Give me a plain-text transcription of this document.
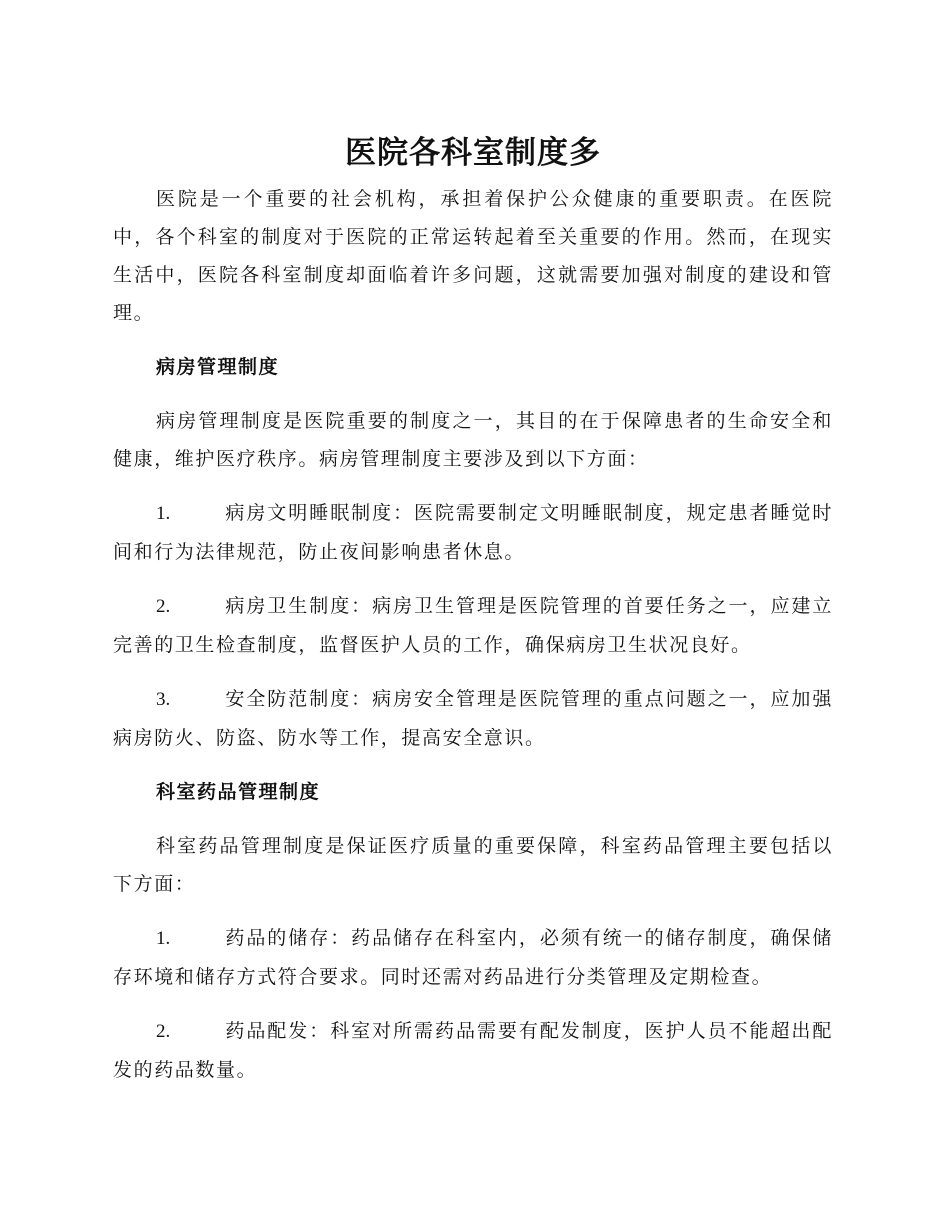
医院各科室制度多

医院是一个重要的社会机构，承担着保护公众健康的重要职责。在医院中，各个科室的制度对于医院的正常运转起着至关重要的作用。然而，在现实生活中，医院各科室制度却面临着许多问题，这就需要加强对制度的建设和管理。

病房管理制度

病房管理制度是医院重要的制度之一，其目的在于保障患者的生命安全和健康，维护医疗秩序。病房管理制度主要涉及到以下方面：

1.	病房文明睡眠制度：医院需要制定文明睡眠制度，规定患者睡觉时间和行为法律规范，防止夜间影响患者休息。

2.	病房卫生制度：病房卫生管理是医院管理的首要任务之一，应建立完善的卫生检查制度，监督医护人员的工作，确保病房卫生状况良好。

3.	安全防范制度：病房安全管理是医院管理的重点问题之一，应加强病房防火、防盗、防水等工作，提高安全意识。

科室药品管理制度

科室药品管理制度是保证医疗质量的重要保障，科室药品管理主要包括以下方面：

1.	药品的储存：药品储存在科室内，必须有统一的储存制度，确保储存环境和储存方式符合要求。同时还需对药品进行分类管理及定期检查。

2.	药品配发：科室对所需药品需要有配发制度，医护人员不能超出配发的药品数量。
